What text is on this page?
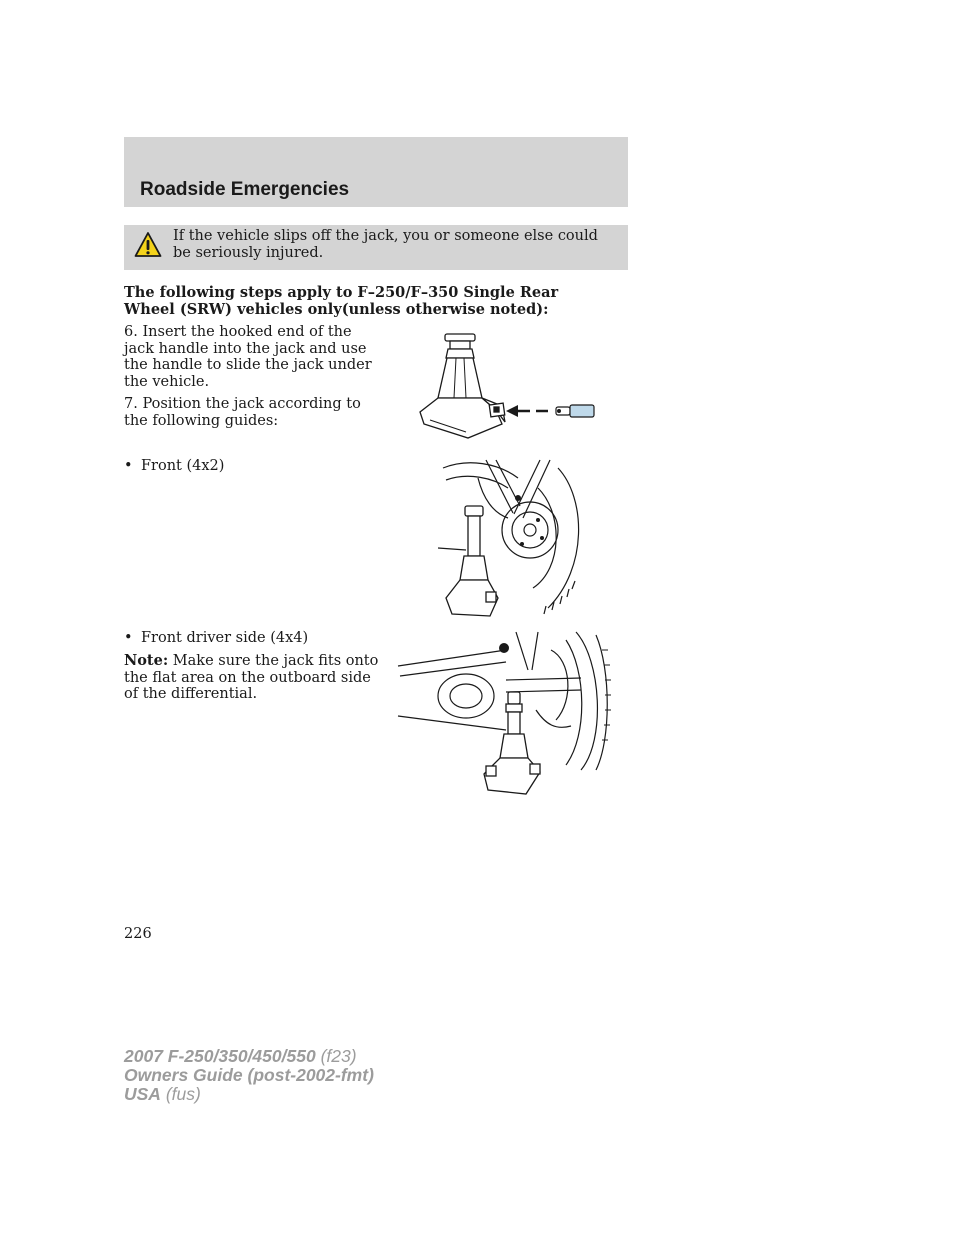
Roadside Emergencies

If the vehicle slips off the jack, you or someone else could be seriously injured.

The following steps apply to F–250/F–350 Single Rear Wheel (SRW) vehicles only(unless otherwise noted):

6. Insert the hooked end of the jack handle into the jack and use the handle to slide the jack under the vehicle.

7. Position the jack according to the following guides:

• Front (4x2)

• Front driver side (4x4)

Note: Make sure the jack fits onto the flat area on the outboard side of the differential.

226

2007 F-250/350/450/550 (f23)
Owners Guide (post-2002-fmt)
USA (fus)
